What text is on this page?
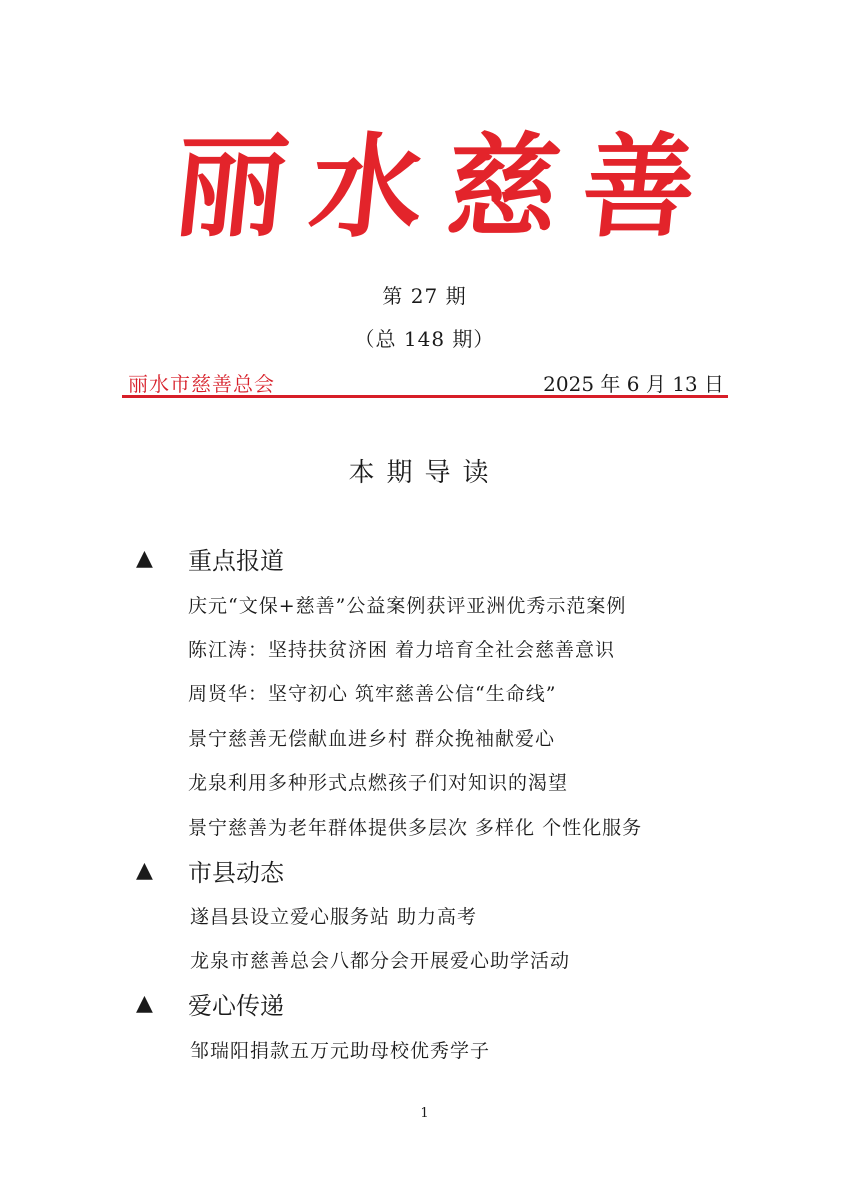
丽 水 慈 善
第 27 期
（总 148 期）
丽水市慈善总会	2025 年 6 月 13 日
本期导读
▲	重点报道
庆元“文保+慈善”公益案例获评亚洲优秀示范案例
陈江涛：坚持扶贫济困 着力培育全社会慈善意识
周贤华：坚守初心 筑牢慈善公信“生命线”
景宁慈善无偿献血进乡村 群众挽袖献爱心
龙泉利用多种形式点燃孩子们对知识的渴望
景宁慈善为老年群体提供多层次 多样化 个性化服务
▲	市县动态
遂昌县设立爱心服务站 助力高考
龙泉市慈善总会八都分会开展爱心助学活动
▲	爱心传递
邹瑞阳捐款五万元助母校优秀学子
1
